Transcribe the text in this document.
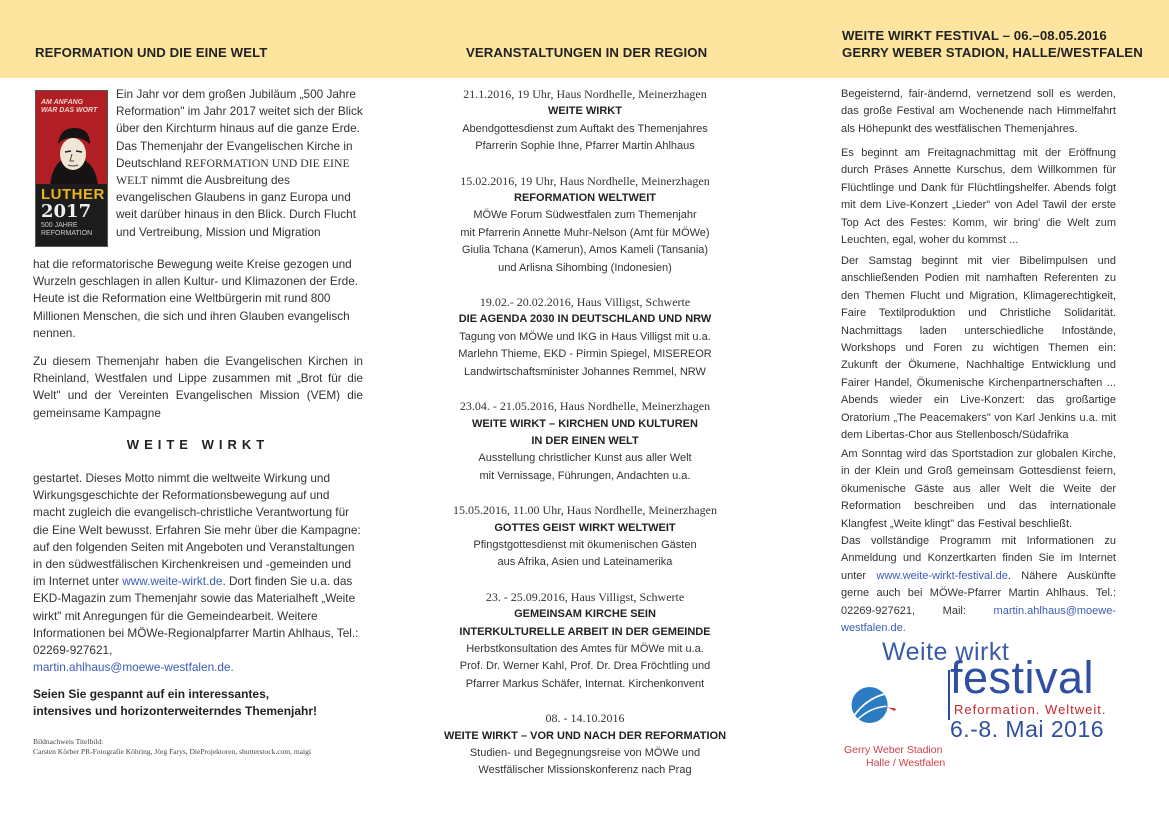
REFORMATION UND DIE EINE WELT	VERANSTALTUNGEN IN DER REGION
WEITE WIRKT FESTIVAL – 06.–08.05.2016
GERRY WEBER STADION, HALLE/WESTFALEN
AM ANFANG
WAR DAS WORT
LUTHER
2017
500 JAHRE
REFORMATION
Ein Jahr vor dem großen Jubiläum „500 Jahre Reformation" im Jahr 2017 weitet sich der Blick über den Kirchturm hinaus auf die ganze Erde. Das Themenjahr der Evangelischen Kirche in Deutschland REFORMATION UND DIE EINE WELT nimmt die Ausbreitung des evangelischen Glaubens in ganz Europa und weit darüber hinaus in den Blick. Durch Flucht und Vertreibung, Mission und Migration
hat die reformatorische Bewegung weite Kreise gezogen und Wurzeln geschlagen in allen Kultur- und Klimazonen der Erde. Heute ist die Reformation eine Weltbürgerin mit rund 800 Millionen Menschen, die sich und ihren Glauben evangelisch nennen.
Zu diesem Themenjahr haben die Evangelischen Kirchen in Rheinland, Westfalen und Lippe zusammen mit „Brot für die Welt" und der Vereinten Evangelischen Mission (VEM) die gemeinsame Kampagne
WEITE WIRKT
gestartet. Dieses Motto nimmt die weltweite Wirkung und Wirkungsgeschichte der Reformationsbewegung auf und macht zugleich die evangelisch-christliche Verantwortung für die Eine Welt bewusst. Erfahren Sie mehr über die Kampagne: auf den folgenden Seiten mit Angeboten und Veranstaltungen in den südwestfälischen Kirchenkreisen und -gemeinden und im Internet unter www.weite-wirkt.de. Dort finden Sie u.a. das EKD-Magazin zum Themenjahr sowie das Materialheft „Weite wirkt" mit Anregungen für die Gemeindearbeit. Weitere Informationen bei MÖWe-Regionalpfarrer Martin Ahlhaus, Tel.: 02269-927621,
martin.ahlhaus@moewe-westfalen.de.
Seien Sie gespannt auf ein interessantes,
intensives und horizonterweiterndes Themenjahr!
Bildnachweis Titelbild:
Carsten Körber PR-Fotografie Köhring, Jörg Farys, DieProjektoren, shutterstock.com, maigi
21.1.2016, 19 Uhr, Haus Nordhelle, Meinerzhagen
WEITE WIRKT
Abendgottesdienst zum Auftakt des Themenjahres
Pfarrerin Sophie Ihne, Pfarrer Martin Ahlhaus
15.02.2016, 19 Uhr, Haus Nordhelle, Meinerzhagen
REFORMATION WELTWEIT
MÖWe Forum Südwestfalen zum Themenjahr
mit Pfarrerin Annette Muhr-Nelson (Amt für MÖWe)
Giulia Tchana (Kamerun), Amos Kameli (Tansania)
und Arlisna Sihombing (Indonesien)
19.02.- 20.02.2016, Haus Villigst, Schwerte
DIE AGENDA 2030 IN DEUTSCHLAND UND NRW
Tagung von MÖWe und IKG in Haus Villigst mit u.a.
Marlehn Thieme, EKD - Pirmin Spiegel, MISEREOR
Landwirtschaftsminister Johannes Remmel, NRW
23.04. - 21.05.2016, Haus Nordhelle, Meinerzhagen
WEITE WIRKT – KIRCHEN UND KULTUREN
IN DER EINEN WELT
Ausstellung christlicher Kunst aus aller Welt
mit Vernissage, Führungen, Andachten u.a.
15.05.2016, 11.00 Uhr, Haus Nordhelle, Meinerzhagen
GOTTES GEIST WIRKT WELTWEIT
Pfingstgottesdienst mit ökumenischen Gästen
aus Afrika, Asien und Lateinamerika
23. - 25.09.2016, Haus Villigst, Schwerte
GEMEINSAM KIRCHE SEIN
INTERKULTURELLE ARBEIT IN DER GEMEINDE
Herbstkonsultation des Amtes für MÖWe mit u.a.
Prof. Dr. Werner Kahl, Prof. Dr. Drea Fröchtling und
Pfarrer Markus Schäfer, Internat. Kirchenkonvent
08. - 14.10.2016
WEITE WIRKT – VOR UND NACH DER REFORMATION
Studien- und Begegnungsreise von MÖWe und
Westfälischer Missionskonferenz nach Prag
Begeisternd, fair-ändernd, vernetzend soll es werden, das große Festival am Wochenende nach Himmelfahrt als Höhepunkt des westfälischen Themenjahres.
Es beginnt am Freitagnachmittag mit der Eröffnung durch Präses Annette Kurschus, dem Willkommen für Flüchtlinge und Dank für Flüchtlingshelfer. Abends folgt mit dem Live-Konzert „Lieder" von Adel Tawil der erste Top Act des Festes: Komm, wir bring' die Welt zum Leuchten, egal, woher du kommst ...
Der Samstag beginnt mit vier Bibelimpulsen und anschließenden Podien mit namhaften Referenten zu den Themen Flucht und Migration, Klimagerechtigkeit, Faire Textilproduktion und Christliche Solidarität. Nachmittags laden unterschiedliche Infostände, Workshops und Foren zu wichtigen Themen ein: Zukunft der Ökumene, Nachhaltige Entwicklung und Fairer Handel, Ökumenische Kirchenpartnerschaften ... Abends wieder ein Live-Konzert: das großartige Oratorium „The Peacemakers" von Karl Jenkins u.a. mit dem Libertas-Chor aus Stellenbosch/Südafrika
Am Sonntag wird das Sportstadion zur globalen Kirche, in der Klein und Groß gemeinsam Gottesdienst feiern, ökumenische Gäste aus aller Welt die Weite der Reformation beschreiben und das internationale Klangfest „Weite klingt" das Festival beschließt.
Das vollständige Programm mit Informationen zu Anmeldung und Konzertkarten finden Sie im Internet unter www.weite-wirkt-festival.de. Nähere Auskünfte gerne auch bei MÖWe-Pfarrer Martin Ahlhaus. Tel.: 02269-927621, Mail: martin.ahlhaus@moewe-westfalen.de.
Weite wirkt
festival
Reformation. Weltweit.
6.-8. Mai 2016
Gerry Weber Stadion
Halle / Westfalen
